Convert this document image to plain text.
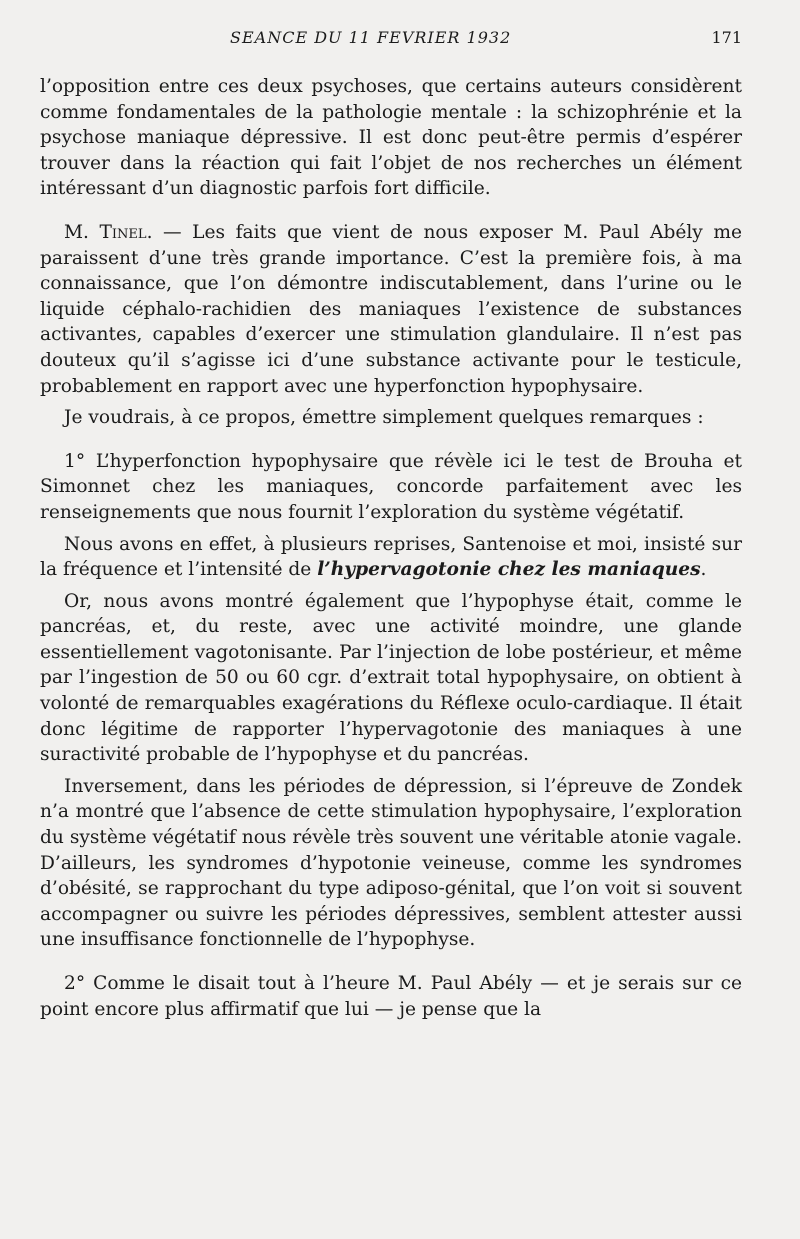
SEANCE DU 11 FEVRIER 1932	171

l’opposition entre ces deux psychoses, que certains auteurs considèrent comme fondamentales de la pathologie mentale : la schizophrénie et la psychose maniaque dépressive. Il est donc peut-être permis d’espérer trouver dans la réaction qui fait l’objet de nos recherches un élément intéressant d’un diagnostic parfois fort difficile.

M. Tinel. — Les faits que vient de nous exposer M. Paul Abély me paraissent d’une très grande importance. C’est la première fois, à ma connaissance, que l’on démontre indiscutablement, dans l’urine ou le liquide céphalo-rachidien des maniaques l’existence de substances activantes, capables d’exercer une stimulation glandulaire. Il n’est pas douteux qu’il s’agisse ici d’une substance activante pour le testicule, probablement en rapport avec une hyperfonction hypophysaire.

Je voudrais, à ce propos, émettre simplement quelques remarques :

1° L’hyperfonction hypophysaire que révèle ici le test de Brouha et Simonnet chez les maniaques, concorde parfaitement avec les renseignements que nous fournit l’exploration du système végétatif.

Nous avons en effet, à plusieurs reprises, Santenoise et moi, insisté sur la fréquence et l’intensité de l’hypervagotonie chez les maniaques.

Or, nous avons montré également que l’hypophyse était, comme le pancréas, et, du reste, avec une activité moindre, une glande essentiellement vagotonisante. Par l’injection de lobe postérieur, et même par l’ingestion de 50 ou 60 cgr. d’extrait total hypophysaire, on obtient à volonté de remarquables exagérations du Réflexe oculo-cardiaque. Il était donc légitime de rapporter l’hypervagotonie des maniaques à une suractivité probable de l’hypophyse et du pancréas.

Inversement, dans les périodes de dépression, si l’épreuve de Zondek n’a montré que l’absence de cette stimulation hypophysaire, l’exploration du système végétatif nous révèle très souvent une véritable atonie vagale. D’ailleurs, les syndromes d’hypotonie veineuse, comme les syndromes d’obésité, se rapprochant du type adiposo-génital, que l’on voit si souvent accompagner ou suivre les périodes dépressives, semblent attester aussi une insuffisance fonctionnelle de l’hypophyse.

2° Comme le disait tout à l’heure M. Paul Abély — et je serais sur ce point encore plus affirmatif que lui — je pense que la
